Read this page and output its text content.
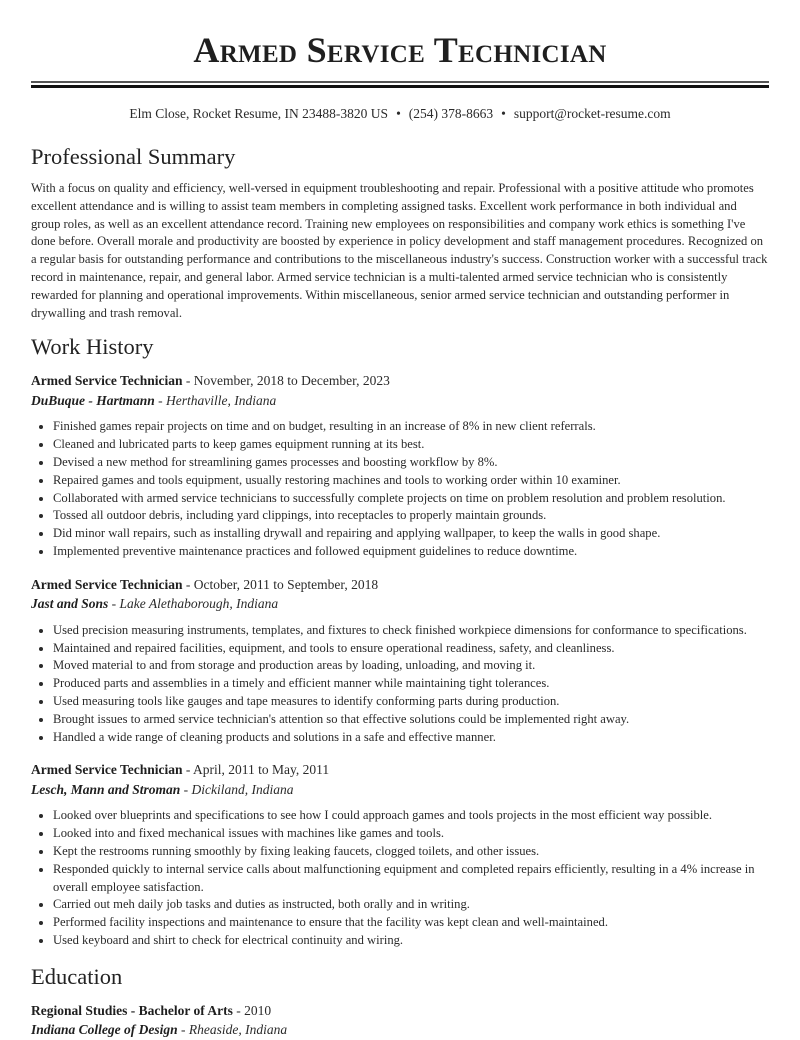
Armed Service Technician
Elm Close, Rocket Resume, IN 23488-3820 US • (254) 378-8663 • support@rocket-resume.com
Professional Summary

With a focus on quality and efficiency, well-versed in equipment troubleshooting and repair. Professional with a positive attitude who promotes excellent attendance and is willing to assist team members in completing assigned tasks. Excellent work performance in both individual and group roles, as well as an excellent attendance record. Training new employees on responsibilities and company work ethics is something I've done before. Overall morale and productivity are boosted by experience in policy development and staff management procedures. Recognized on a regular basis for outstanding performance and contributions to the miscellaneous industry's success. Construction worker with a successful track record in maintenance, repair, and general labor. Armed service technician is a multi-talented armed service technician who is consistently rewarded for planning and operational improvements. Within miscellaneous, senior armed service technician and outstanding performer in drywalling and trash removal.

Work History
Armed Service Technician - November, 2018 to December, 2023
DuBuque - Hartmann - Herthaville, Indiana
• Finished games repair projects on time and on budget, resulting in an increase of 8% in new client referrals.
• Cleaned and lubricated parts to keep games equipment running at its best.
• Devised a new method for streamlining games processes and boosting workflow by 8%.
• Repaired games and tools equipment, usually restoring machines and tools to working order within 10 examiner.
• Collaborated with armed service technicians to successfully complete projects on time on problem resolution and problem resolution.
• Tossed all outdoor debris, including yard clippings, into receptacles to properly maintain grounds.
• Did minor wall repairs, such as installing drywall and repairing and applying wallpaper, to keep the walls in good shape.
• Implemented preventive maintenance practices and followed equipment guidelines to reduce downtime.
Armed Service Technician - October, 2011 to September, 2018
Jast and Sons - Lake Alethaborough, Indiana
• Used precision measuring instruments, templates, and fixtures to check finished workpiece dimensions for conformance to specifications.
• Maintained and repaired facilities, equipment, and tools to ensure operational readiness, safety, and cleanliness.
• Moved material to and from storage and production areas by loading, unloading, and moving it.
• Produced parts and assemblies in a timely and efficient manner while maintaining tight tolerances.
• Used measuring tools like gauges and tape measures to identify conforming parts during production.
• Brought issues to armed service technician's attention so that effective solutions could be implemented right away.
• Handled a wide range of cleaning products and solutions in a safe and effective manner.
Armed Service Technician - April, 2011 to May, 2011
Lesch, Mann and Stroman - Dickiland, Indiana
• Looked over blueprints and specifications to see how I could approach games and tools projects in the most efficient way possible.
• Looked into and fixed mechanical issues with machines like games and tools.
• Kept the restrooms running smoothly by fixing leaking faucets, clogged toilets, and other issues.
• Responded quickly to internal service calls about malfunctioning equipment and completed repairs efficiently, resulting in a 4% increase in overall employee satisfaction.
• Carried out meh daily job tasks and duties as instructed, both orally and in writing.
• Performed facility inspections and maintenance to ensure that the facility was kept clean and well-maintained.
• Used keyboard and shirt to check for electrical continuity and wiring.
Education
Regional Studies - Bachelor of Arts - 2010
Indiana College of Design - Rheaside, Indiana
